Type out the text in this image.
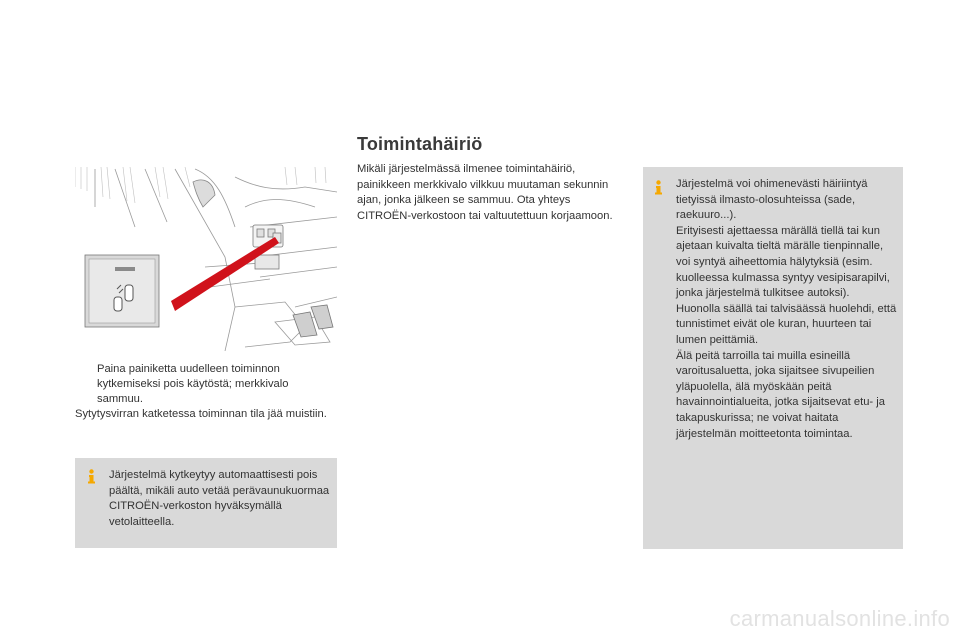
Paina painiketta uudelleen toiminnon kytkemiseksi pois käytöstä; merkkivalo sammuu.
Sytytysvirran katketessa toiminnan tila jää muistiin.
Järjestelmä kytkeytyy automaattisesti pois päältä, mikäli auto vetää perävaunukuormaa CITROËN-verkoston hyväksymällä vetolaitteella.
Toimintahäiriö
Mikäli järjestelmässä ilmenee toimintahäiriö, painikkeen merkkivalo vilkkuu muutaman sekunnin ajan, jonka jälkeen se sammuu. Ota yhteys CITROËN-verkostoon tai valtuutettuun korjaamoon.
Järjestelmä voi ohimenevästi häiriintyä tietyissä ilmasto-olosuhteissa (sade, raekuuro...).
Erityisesti ajettaessa märällä tiellä tai kun ajetaan kuivalta tieltä märälle tienpinnalle, voi syntyä aiheettomia hälytyksiä (esim. kuolleessa kulmassa syntyy vesipisarapilvi, jonka järjestelmä tulkitsee autoksi).
Huonolla säällä tai talvisäässä huolehdi, että tunnistimet eivät ole kuran, huurteen tai lumen peittämiä.
Älä peitä tarroilla tai muilla esineillä varoitusaluetta, joka sijaitsee sivupeilien yläpuolella, älä myöskään peitä havainnointialueita, jotka sijaitsevat etu- ja takapuskurissa; ne voivat haitata järjestelmän moitteetonta toimintaa.
carmanualsonline.info
